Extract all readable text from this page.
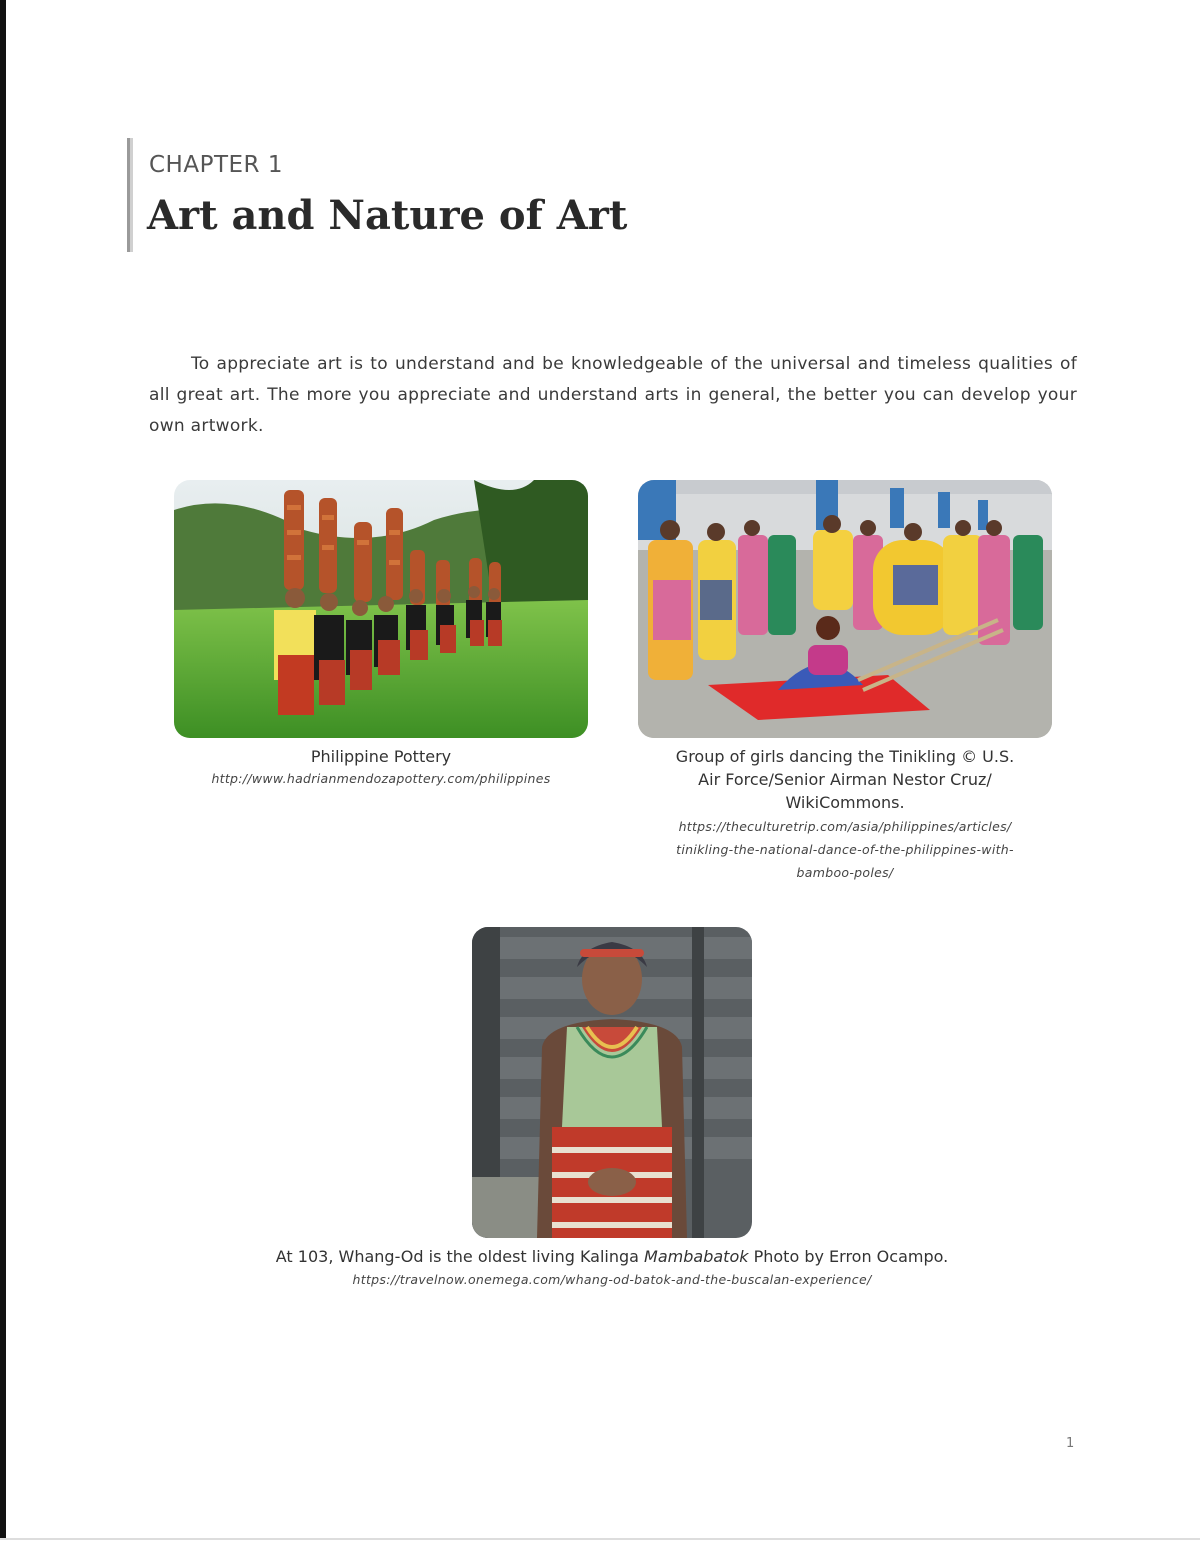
CHAPTER 1
Art and Nature of Art

To appreciate art is to understand and be knowledgeable of the universal and timeless qualities of all great art. The more you appreciate and understand arts in general, the better you can develop your own artwork.

Philippine Pottery
http://www.hadrianmendozapottery.com/philippines
Group of girls dancing the Tinikling © U.S.
Air Force/Senior Airman Nestor Cruz/
WikiCommons.
https://theculturetrip.com/asia/philippines/articles/
tinikling-the-national-dance-of-the-philippines-with-
bamboo-poles/
At 103, Whang-Od is the oldest living Kalinga Mambabatok Photo by Erron Ocampo.
https://travelnow.onemega.com/whang-od-batok-and-the-buscalan-experience/
1
